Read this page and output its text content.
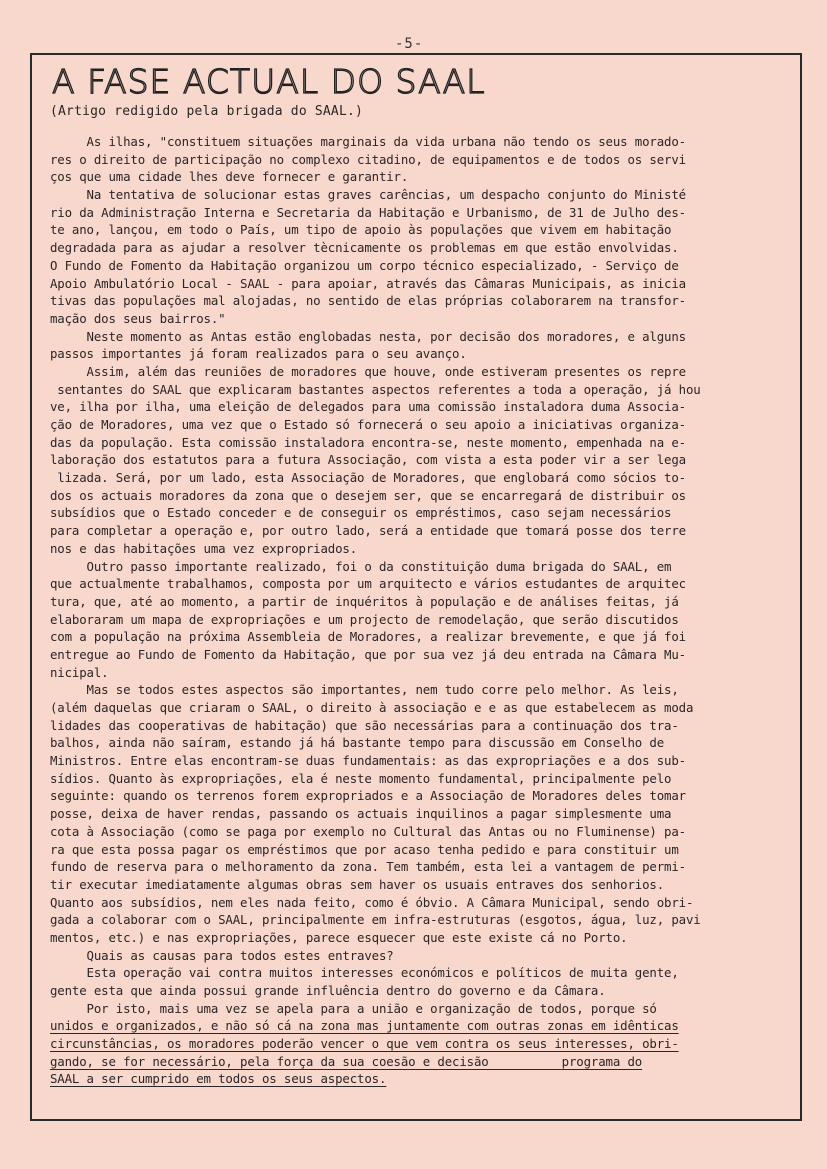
-5-
A FASE ACTUAL DO SAAL
(Artigo redigido pela brigada do SAAL.)
As ilhas, "constituem situações marginais da vida urbana não tendo os seus morado-
res o direito de participação no complexo citadino, de equipamentos e de todos os servi
ços que uma cidade lhes deve fornecer e garantir.
Na tentativa de solucionar estas graves carências, um despacho conjunto do Ministé
rio da Administração Interna e Secretaria da Habitação e Urbanismo, de 31 de Julho des-
te ano, lançou, em todo o País, um tipo de apoio às populações que vivem em habitação
degradada para as ajudar a resolver tècnicamente os problemas em que estão envolvidas.
O Fundo de Fomento da Habitação organizou um corpo técnico especializado, - Serviço de
Apoio Ambulatório Local - SAAL - para apoiar, através das Câmaras Municipais, as inicia
tivas das populações mal alojadas, no sentido de elas próprias colaborarem na transfor-
mação dos seus bairros."
Neste momento as Antas estão englobadas nesta, por decisão dos moradores, e alguns
passos importantes já foram realizados para o seu avanço.
Assim, além das reuniões de moradores que houve, onde estiveram presentes os repre
sentantes do SAAL que explicaram bastantes aspectos referentes a toda a operação, já hou
ve, ilha por ilha, uma eleição de delegados para uma comissão instaladora duma Associa-
ção de Moradores, uma vez que o Estado só fornecerá o seu apoio a iniciativas organiza-
das da população. Esta comissão instaladora encontra-se, neste momento, empenhada na e-
laboração dos estatutos para a futura Associação, com vista a esta poder vir a ser lega
lizada. Será, por um lado, esta Associação de Moradores, que englobará como sócios to-
dos os actuais moradores da zona que o desejem ser, que se encarregará de distribuir os
subsídios que o Estado conceder e de conseguir os empréstimos, caso sejam necessários
para completar a operação e, por outro lado, será a entidade que tomará posse dos terre
nos e das habitações uma vez expropriados.
Outro passo importante realizado, foi o da constituição duma brigada do SAAL, em
que actualmente trabalhamos, composta por um arquitecto e vários estudantes de arquitec
tura, que, até ao momento, a partir de inquéritos à população e de análises feitas, já
elaboraram um mapa de expropriações e um projecto de remodelação, que serão discutidos
com a população na próxima Assembleia de Moradores, a realizar brevemente, e que já foi
entregue ao Fundo de Fomento da Habitação, que por sua vez já deu entrada na Câmara Mu-
nicipal.
Mas se todos estes aspectos são importantes, nem tudo corre pelo melhor. As leis,
(além daquelas que criaram o SAAL, o direito à associação e e as que estabelecem as moda
lidades das cooperativas de habitação) que são necessárias para a continuação dos tra-
balhos, ainda não saíram, estando já há bastante tempo para discussão em Conselho de
Ministros. Entre elas encontram-se duas fundamentais: as das expropriações e a dos sub-
sídios. Quanto às expropriações, ela é neste momento fundamental, principalmente pelo
seguinte: quando os terrenos forem expropriados e a Associação de Moradores deles tomar
posse, deixa de haver rendas, passando os actuais inquilinos a pagar simplesmente uma
cota à Associação (como se paga por exemplo no Cultural das Antas ou no Fluminense) pa-
ra que esta possa pagar os empréstimos que por acaso tenha pedido e para constituir um
fundo de reserva para o melhoramento da zona. Tem também, esta lei a vantagem de permi-
tir executar imediatamente algumas obras sem haver os usuais entraves dos senhorios.
Quanto aos subsídios, nem eles nada feito, como é óbvio. A Câmara Municipal, sendo obri-
gada a colaborar com o SAAL, principalmente em infra-estruturas (esgotos, água, luz, pavi
mentos, etc.) e nas expropriações, parece esquecer que este existe cá no Porto.
Quais as causas para todos estes entraves?
Esta operação vai contra muitos interesses económicos e políticos de muita gente,
gente esta que ainda possui grande influência dentro do governo e da Câmara.
Por isto, mais uma vez se apela para a união e organização de todos, porque só
unidos e organizados, e não só cá na zona mas juntamente com outras zonas em idênticas
circunstâncias, os moradores poderão vencer o que vem contra os seus interesses, obri-
gando, se for necessário, pela força da sua coesão e decisão          programa do
SAAL a ser cumprido em todos os seus aspectos.
